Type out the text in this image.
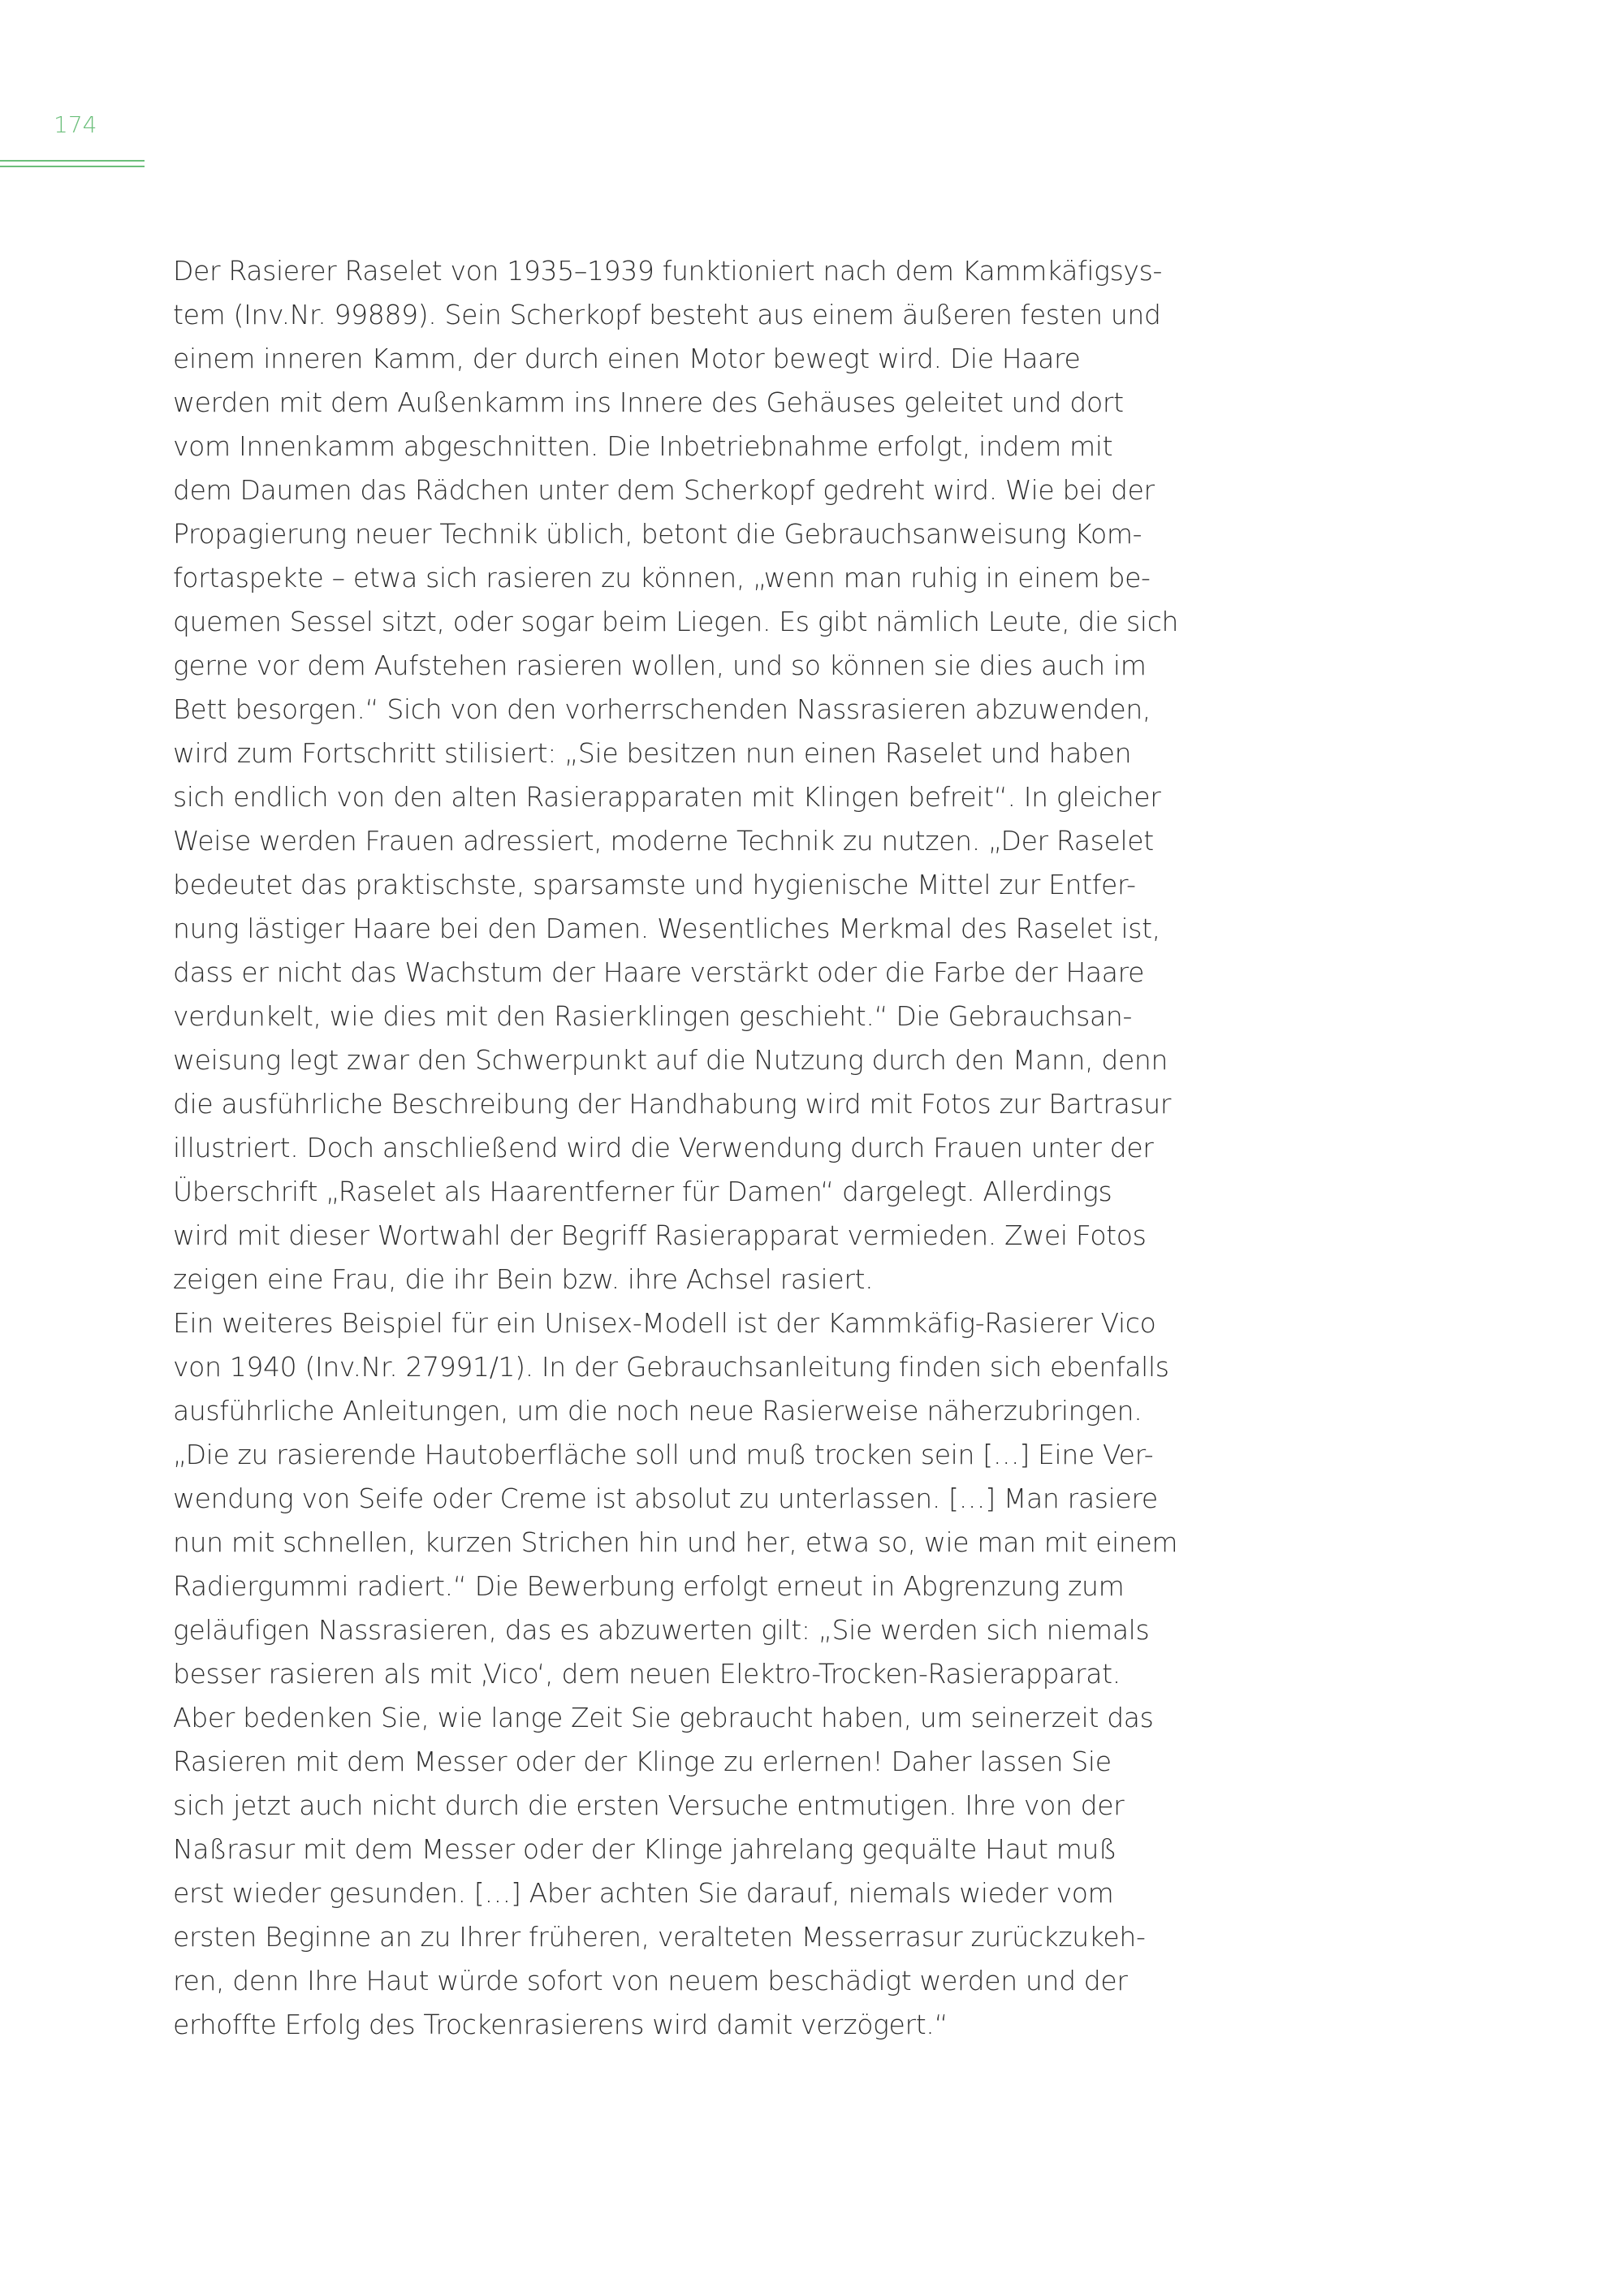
174
Der Rasierer Raselet von 1935–1939 funktioniert nach dem Kammkäfigsys-
tem (Inv.Nr. 99889). Sein Scherkopf besteht aus einem äußeren festen und
einem inneren Kamm, der durch einen Motor bewegt wird. Die Haare
werden mit dem Außenkamm ins Innere des Gehäuses geleitet und dort
vom Innenkamm abgeschnitten. Die Inbetriebnahme erfolgt, indem mit
dem Daumen das Rädchen unter dem Scherkopf gedreht wird. Wie bei der
Propagierung neuer Technik üblich, betont die Gebrauchsanweisung Kom-
fortaspekte – etwa sich rasieren zu können, „wenn man ruhig in einem be-
quemen Sessel sitzt, oder sogar beim Liegen. Es gibt nämlich Leute, die sich
gerne vor dem Aufstehen rasieren wollen, und so können sie dies auch im
Bett besorgen.“ Sich von den vorherrschenden Nassrasieren abzuwenden,
wird zum Fortschritt stilisiert: „Sie besitzen nun einen Raselet und haben
sich endlich von den alten Rasierapparaten mit Klingen befreit“. In gleicher
Weise werden Frauen adressiert, moderne Technik zu nutzen. „Der Raselet
bedeutet das praktischste, sparsamste und hygienische Mittel zur Entfer-
nung lästiger Haare bei den Damen. Wesentliches Merkmal des Raselet ist,
dass er nicht das Wachstum der Haare verstärkt oder die Farbe der Haare
verdunkelt, wie dies mit den Rasierklingen geschieht.“ Die Gebrauchsan-
weisung legt zwar den Schwerpunkt auf die Nutzung durch den Mann, denn
die ausführliche Beschreibung der Handhabung wird mit Fotos zur Bartrasur
illustriert. Doch anschließend wird die Verwendung durch Frauen unter der
Überschrift „Raselet als Haarentferner für Damen“ dargelegt. Allerdings
wird mit dieser Wortwahl der Begriff Rasierapparat vermieden. Zwei Fotos
zeigen eine Frau, die ihr Bein bzw. ihre Achsel rasiert.
Ein weiteres Beispiel für ein Unisex-Modell ist der Kammkäfig-Rasierer Vico
von 1940 (Inv.Nr. 27991/1). In der Gebrauchsanleitung finden sich ebenfalls
ausführliche Anleitungen, um die noch neue Rasierweise näherzubringen.
„Die zu rasierende Hautoberfläche soll und muß trocken sein […] Eine Ver-
wendung von Seife oder Creme ist absolut zu unterlassen. […] Man rasiere
nun mit schnellen, kurzen Strichen hin und her, etwa so, wie man mit einem
Radiergummi radiert.“ Die Bewerbung erfolgt erneut in Abgrenzung zum
geläufigen Nassrasieren, das es abzuwerten gilt: „Sie werden sich niemals
besser rasieren als mit ‚Vico‘, dem neuen Elektro-Trocken-Rasierapparat.
Aber bedenken Sie, wie lange Zeit Sie gebraucht haben, um seinerzeit das
Rasieren mit dem Messer oder der Klinge zu erlernen! Daher lassen Sie
sich jetzt auch nicht durch die ersten Versuche entmutigen. Ihre von der
Naßrasur mit dem Messer oder der Klinge jahrelang gequälte Haut muß
erst wieder gesunden. […] Aber achten Sie darauf, niemals wieder vom
ersten Beginne an zu Ihrer früheren, veralteten Messerrasur zurückzukeh-
ren, denn Ihre Haut würde sofort von neuem beschädigt werden und der
erhoffte Erfolg des Trockenrasierens wird damit verzögert.“
